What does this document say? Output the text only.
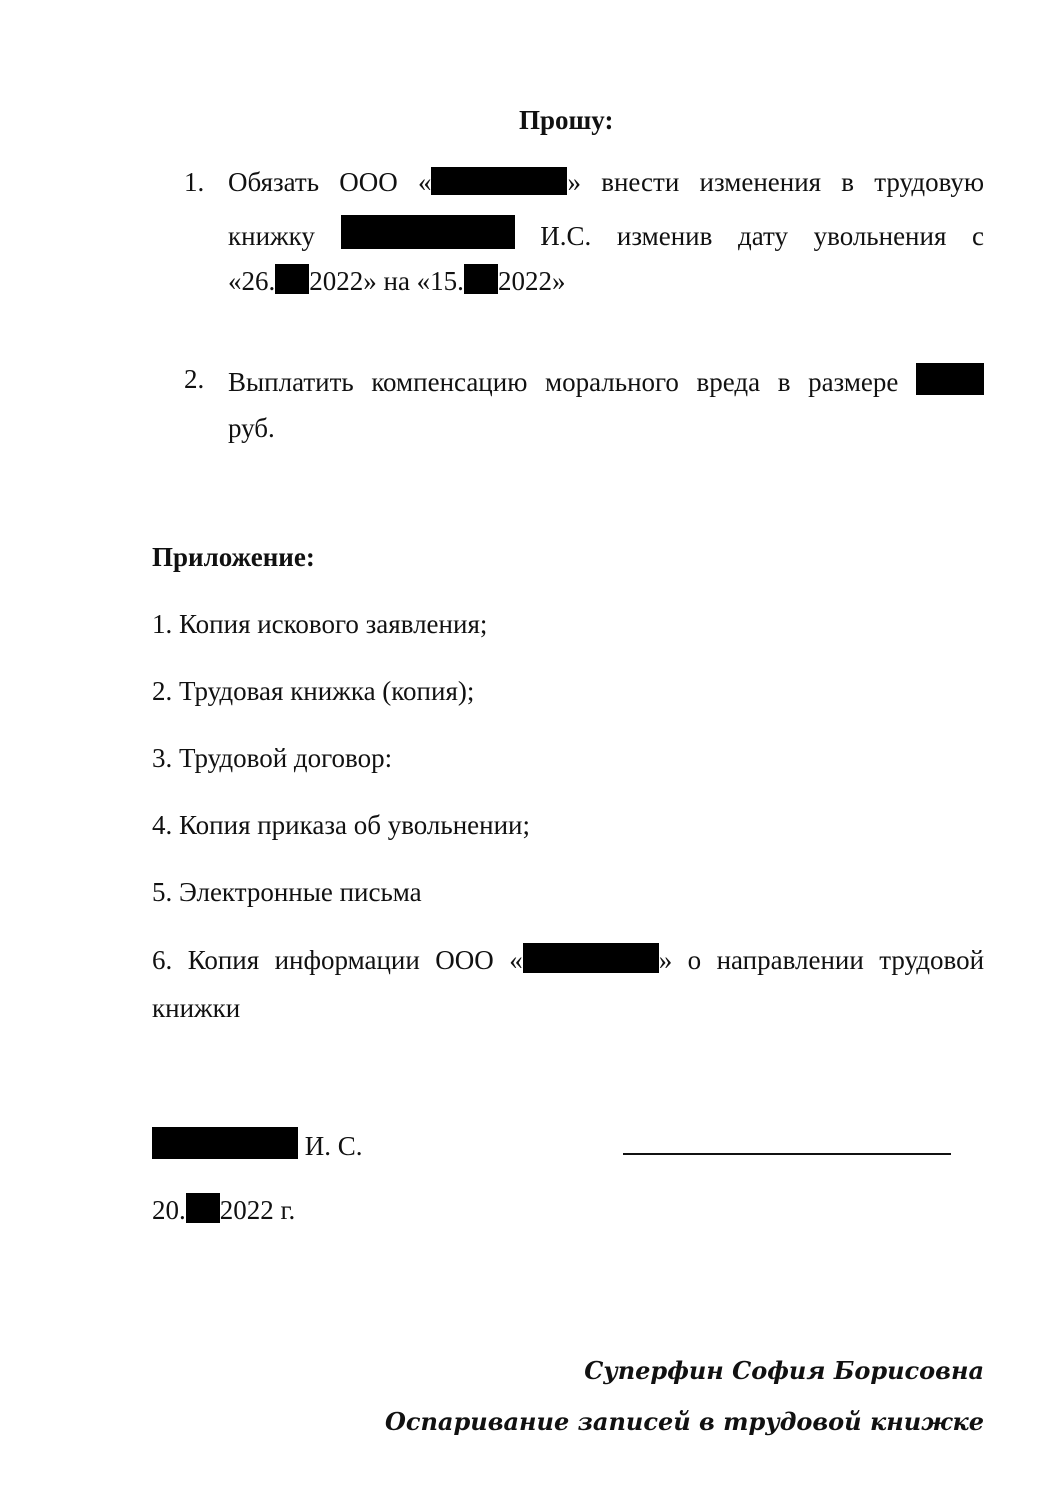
Прошу:
1. Обязать ООО «	» внести изменения в трудовую
книжку	И.С. изменив дату увольнения с
«26. 2022» на «15. 2022»
2. Выплатить компенсацию морального вреда в размере
руб.
Приложение:
1. Копия искового заявления;
2. Трудовая книжка (копия);
3. Трудовой договор:
4. Копия приказа об увольнении;
5. Электронные письма
6. Копия информации ООО «	» о направлении трудовой
книжки
И. С.
20. 2022 г.
Суперфин София Борисовна
Оспаривание записей в трудовой книжке
